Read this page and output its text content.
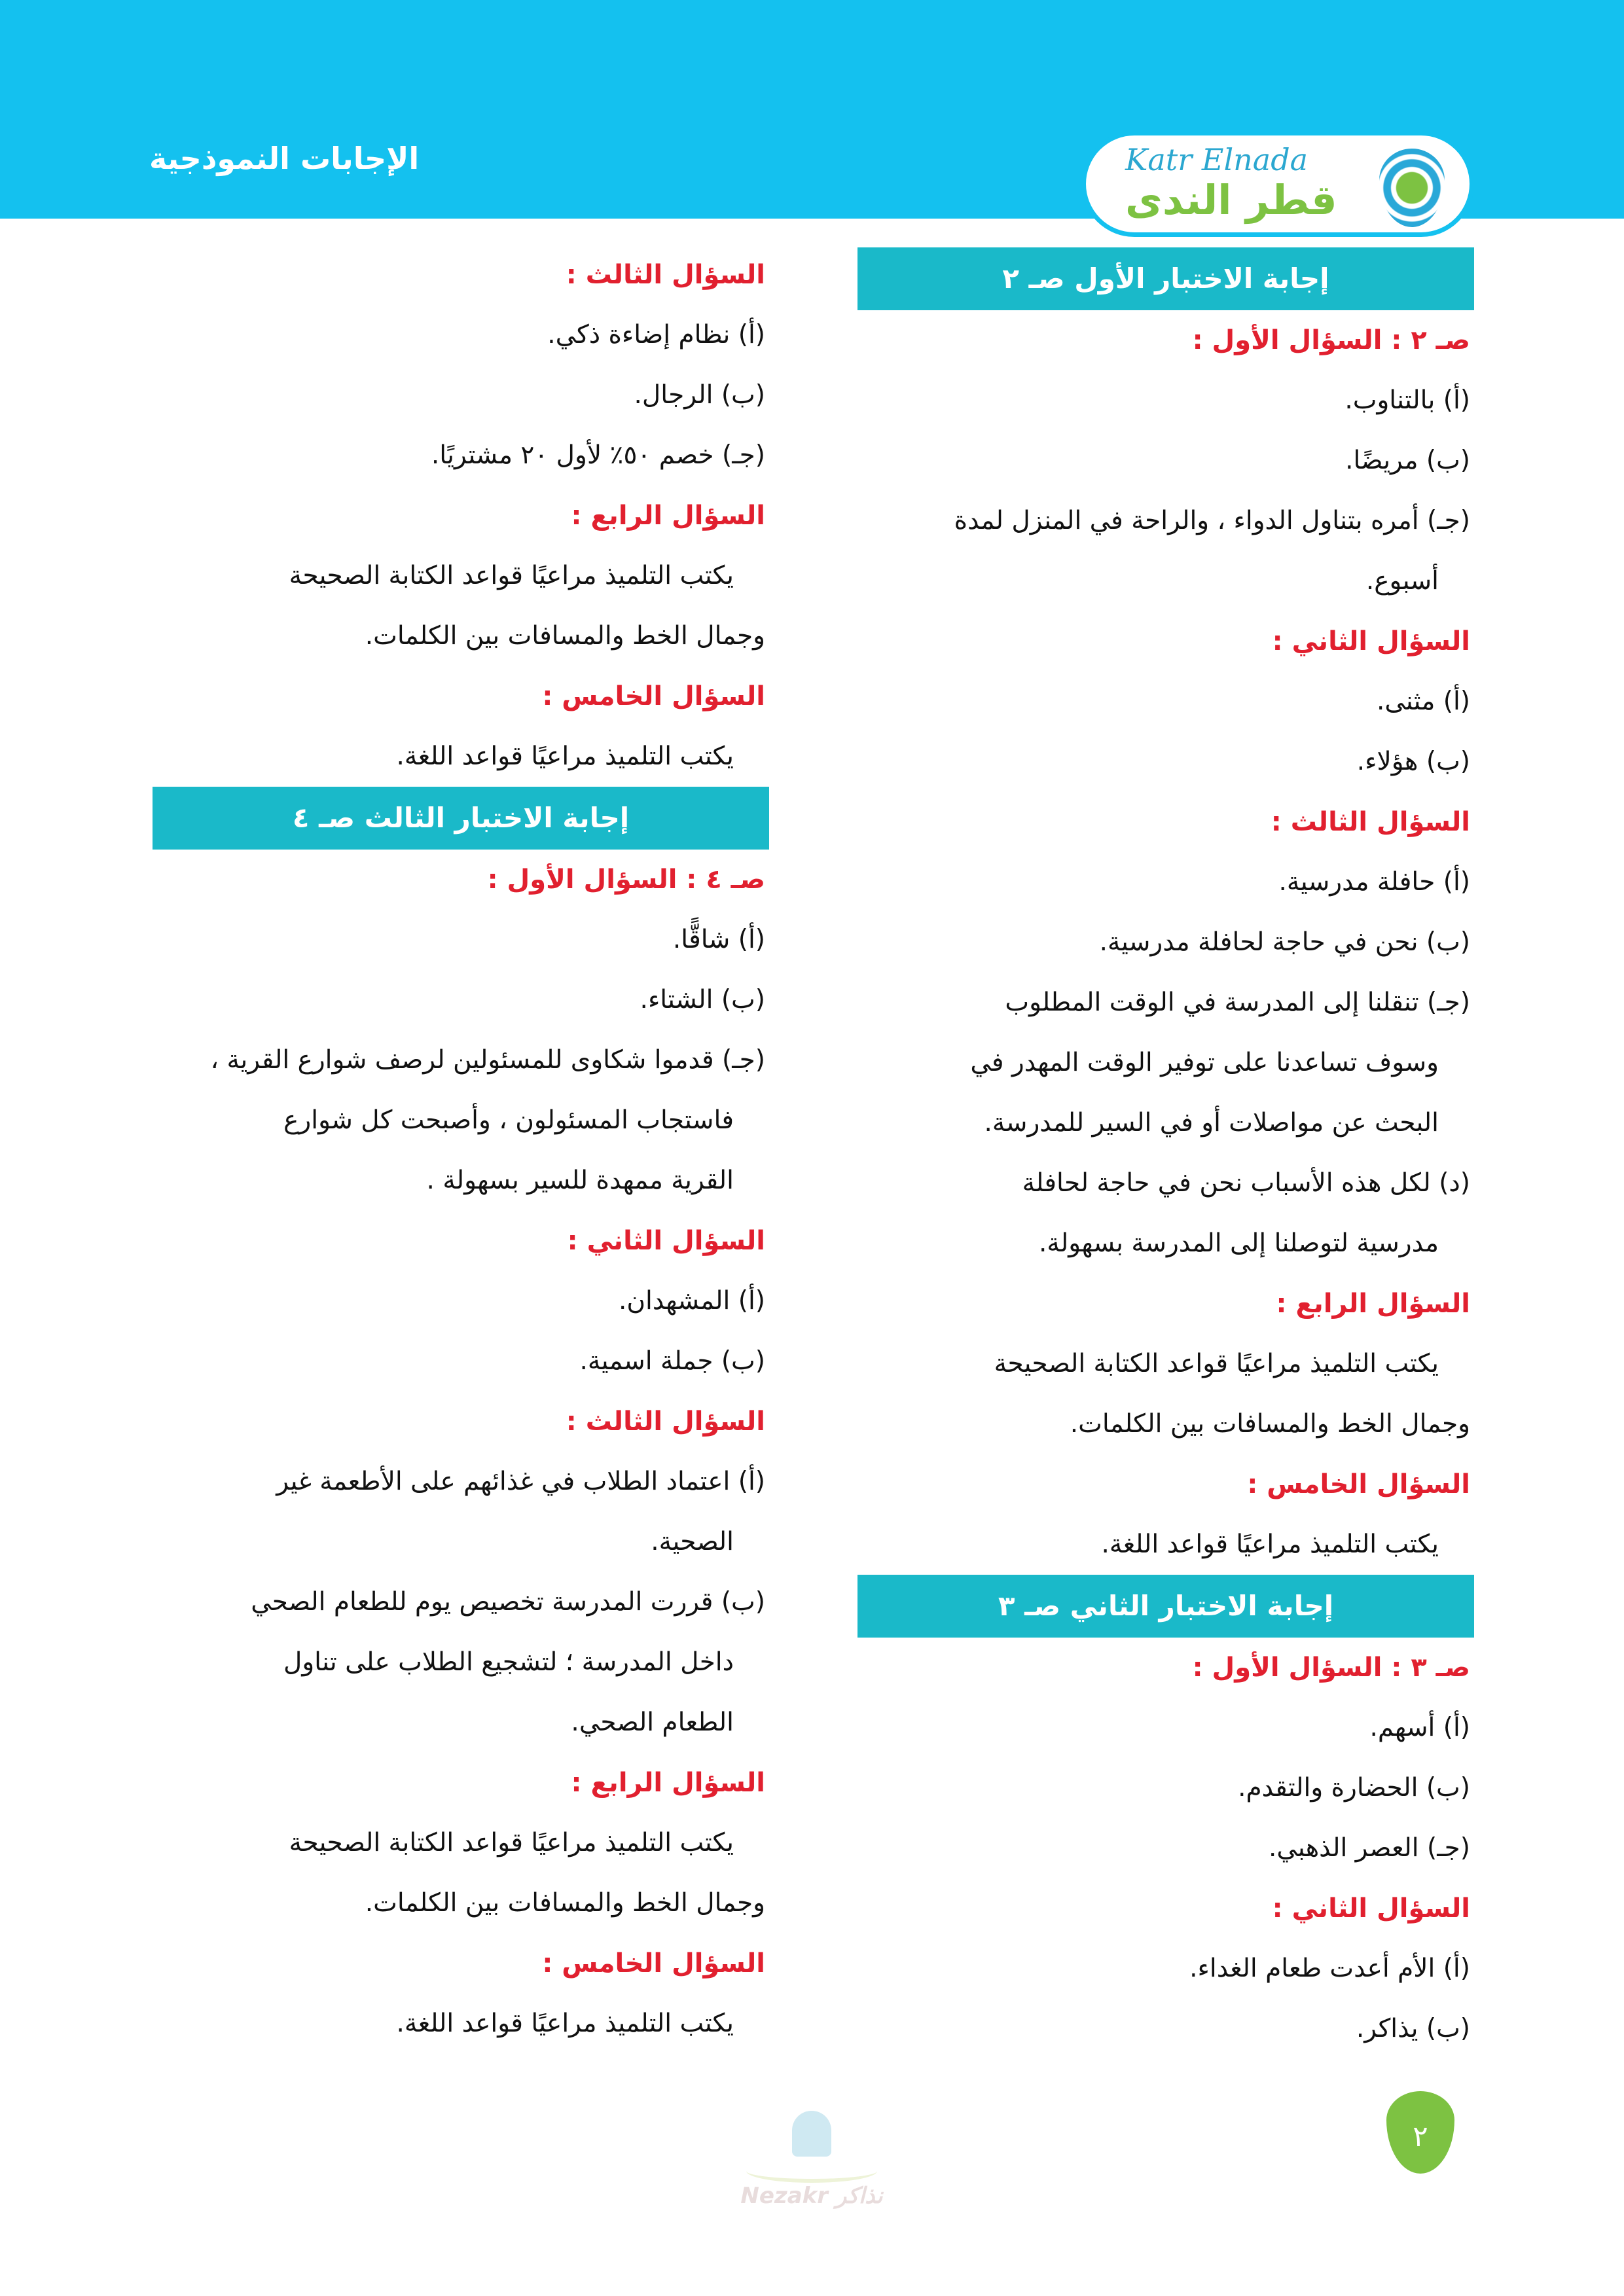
الإجابات النموذجية	Katr Elnada
قطر الندى
إجابة الاختبار الأول صـ ٢
صـ ٢ : السؤال الأول :
(أ) بالتناوب.
(ب) مريضًا.
(جـ) أمره بتناول الدواء ، والراحة في المنزل لمدة
أسبوع.
السؤال الثاني :
(أ) مثنى.
(ب) هؤلاء.
السؤال الثالث :
(أ) حافلة مدرسية.
(ب) نحن في حاجة لحافلة مدرسية.
(جـ) تنقلنا إلى المدرسة في الوقت المطلوب
وسوف تساعدنا على توفير الوقت المهدر في
البحث عن مواصلات أو في السير للمدرسة.
(د) لكل هذه الأسباب نحن في حاجة لحافلة
مدرسية لتوصلنا إلى المدرسة بسهولة.
السؤال الرابع :
يكتب التلميذ مراعيًا قواعد الكتابة الصحيحة
وجمال الخط والمسافات بين الكلمات.
السؤال الخامس :
يكتب التلميذ مراعيًا قواعد اللغة.
إجابة الاختبار الثاني صـ ٣
صـ ٣ : السؤال الأول :
(أ) أسهم.
(ب) الحضارة والتقدم.
(جـ) العصر الذهبي.
السؤال الثاني :
(أ) الأم أعدت طعام الغداء.
(ب) يذاكر.
السؤال الثالث :
(أ) نظام إضاءة ذكي.
(ب) الرجال.
(جـ) خصم ٥٠٪ لأول ٢٠ مشتريًا.
السؤال الرابع :
يكتب التلميذ مراعيًا قواعد الكتابة الصحيحة
وجمال الخط والمسافات بين الكلمات.
السؤال الخامس :
يكتب التلميذ مراعيًا قواعد اللغة.
إجابة الاختبار الثالث صـ ٤
صـ ٤ : السؤال الأول :
(أ) شاقًّا.
(ب) الشتاء.
(جـ) قدموا شكاوى للمسئولين لرصف شوارع القرية ،
فاستجاب المسئولون ، وأصبحت كل شوارع
القرية ممهدة للسير بسهولة .
السؤال الثاني :
(أ) المشهدان.
(ب) جملة اسمية.
السؤال الثالث :
(أ) اعتماد الطلاب في غذائهم على الأطعمة غير
الصحية.
(ب) قررت المدرسة تخصيص يوم للطعام الصحي
داخل المدرسة ؛ لتشجيع الطلاب على تناول
الطعام الصحي.
السؤال الرابع :
يكتب التلميذ مراعيًا قواعد الكتابة الصحيحة
وجمال الخط والمسافات بين الكلمات.
السؤال الخامس :
يكتب التلميذ مراعيًا قواعد اللغة.
٢
Nezakr نذاكر
